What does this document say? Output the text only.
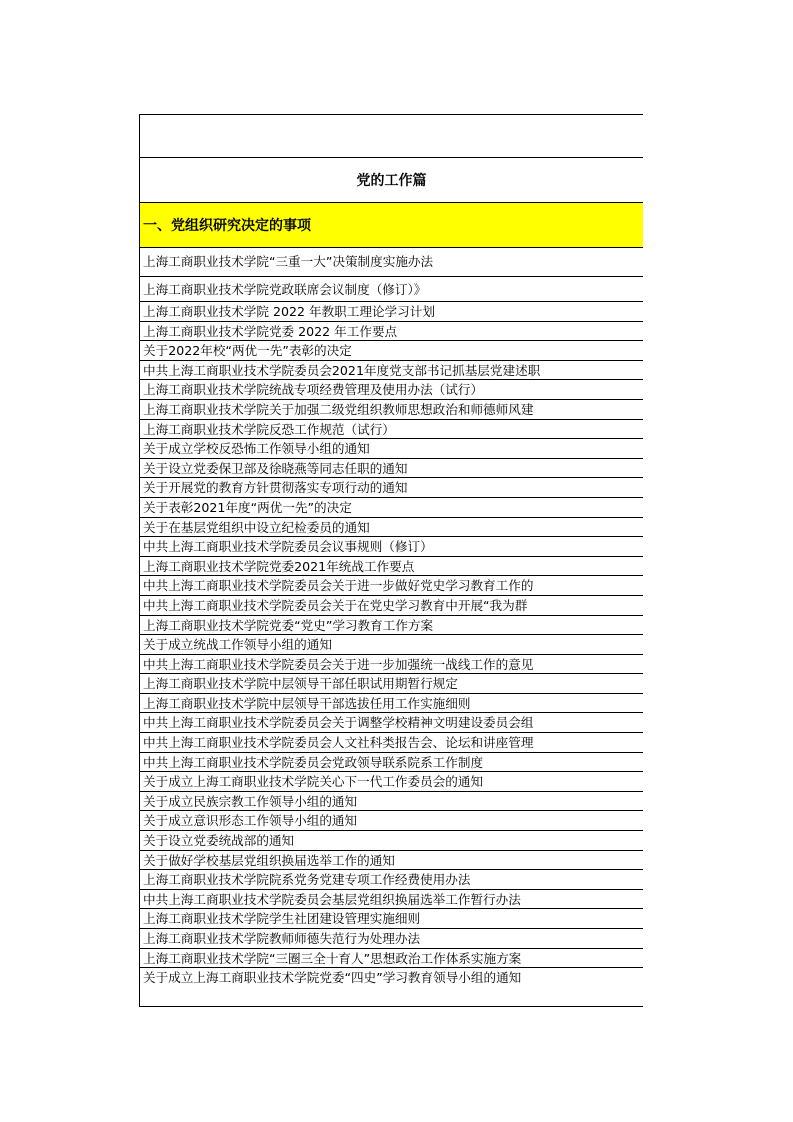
党的工作篇
一、党组织研究决定的事项
上海工商职业技术学院“三重一大”决策制度实施办法
上海工商职业技术学院党政联席会议制度（修订）》
上海工商职业技术学院 2022 年教职工理论学习计划
上海工商职业技术学院党委 2022 年工作要点
关于2022年校“两优一先”表彰的决定
中共上海工商职业技术学院委员会2021年度党支部书记抓基层党建述职
上海工商职业技术学院统战专项经费管理及使用办法（试行）
上海工商职业技术学院关于加强二级党组织教师思想政治和师德师风建
上海工商职业技术学院反恐工作规范（试行）
关于成立学校反恐怖工作领导小组的通知
关于设立党委保卫部及徐晓燕等同志任职的通知
关于开展党的教育方针贯彻落实专项行动的通知
关于表彰2021年度“两优一先”的决定
关于在基层党组织中设立纪检委员的通知
中共上海工商职业技术学院委员会议事规则（修订）
上海工商职业技术学院党委2021年统战工作要点
中共上海工商职业技术学院委员会关于进一步做好党史学习教育工作的
中共上海工商职业技术学院委员会关于在党史学习教育中开展“我为群
上海工商职业技术学院党委“党史”学习教育工作方案
关于成立统战工作领导小组的通知
中共上海工商职业技术学院委员会关于进一步加强统一战线工作的意见
上海工商职业技术学院中层领导干部任职试用期暂行规定
上海工商职业技术学院中层领导干部选拔任用工作实施细则
中共上海工商职业技术学院委员会关于调整学校精神文明建设委员会组
中共上海工商职业技术学院委员会人文社科类报告会、论坛和讲座管理
中共上海工商职业技术学院委员会党政领导联系院系工作制度
关于成立上海工商职业技术学院关心下一代工作委员会的通知
关于成立民族宗教工作领导小组的通知
关于成立意识形态工作领导小组的通知
关于设立党委统战部的通知
关于做好学校基层党组织换届选举工作的通知
上海工商职业技术学院院系党务党建专项工作经费使用办法
中共上海工商职业技术学院委员会基层党组织换届选举工作暂行办法
上海工商职业技术学院学生社团建设管理实施细则
上海工商职业技术学院教师师德失范行为处理办法
上海工商职业技术学院“三圈三全十育人”思想政治工作体系实施方案
关于成立上海工商职业技术学院党委“四史”学习教育领导小组的通知
